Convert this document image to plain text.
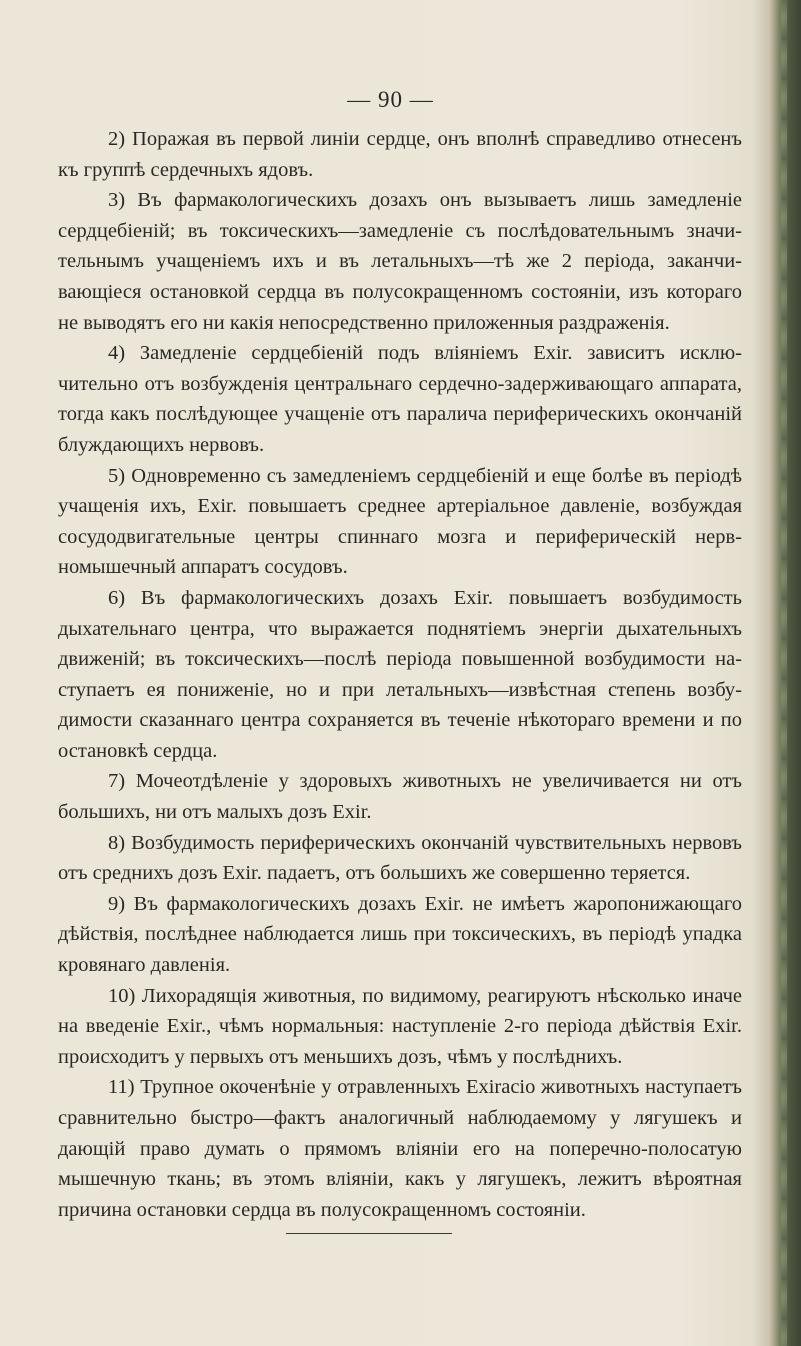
— 90 —

2) Поражая въ первой линіи сердце, онъ вполнѣ справедливо отнесенъ къ группѣ сердечныхъ ядовъ.

3) Въ фармакологическихъ дозахъ онъ вызываетъ лишь замедленіе сердцебіеній; въ токсическихъ—замедленіе съ послѣдовательнымъ значительнымъ учащеніемъ ихъ и въ летальныхъ—тѣ же 2 періода, заканчивающіеся остановкой сердца въ полусокращенномъ состояніи, изъ котораго не выводятъ его ни какія непосредственно приложенныя раздраженія.

4) Замедленіе сердцебіеній подъ вліяніемъ Exіr. зависитъ исключительно отъ возбужденія центральнаго сердечно-задерживающаго аппарата, тогда какъ послѣдующее учащеніе отъ паралича периферическихъ окончаній блуждающихъ нервовъ.

5) Одновременно съ замедленіемъ сердцебіеній и еще болѣе въ періодѣ учащенія ихъ, Exіr. повышаетъ среднее артеріальное давленіе, возбуждая сосудодвигательные центры спиннаго мозга и периферическій нервномышечный аппаратъ сосудовъ.

6) Въ фармакологическихъ дозахъ Exіr. повышаетъ возбудимость дыхательнаго центра, что выражается поднятіемъ энергіи дыхательныхъ движеній; въ токсическихъ—послѣ періода повышенной возбудимости наступаетъ ея пониженіе, но и при летальныхъ—извѣстная степень возбудимости сказаннаго центра сохраняется въ теченіе нѣкотораго времени и по остановкѣ сердца.

7) Мочеотдѣленіе у здоровыхъ животныхъ не увеличивается ни отъ большихъ, ни отъ малыхъ дозъ Exіr.

8) Возбудимость периферическихъ окончаній чувствительныхъ нервовъ отъ среднихъ дозъ Exіr. падаетъ, отъ большихъ же совершенно теряется.

9) Въ фармакологическихъ дозахъ Exіr. не имѣетъ жаропонижающаго дѣйствія, послѣднее наблюдается лишь при токсическихъ, въ періодѣ упадка кровянаго давленія.

10) Лихорадящія животныя, по видимому, реагируютъ нѣсколько иначе на введеніе Exіr., чѣмъ нормальныя: наступленіе 2-го періода дѣйствія Exіr. происходитъ у первыхъ отъ меньшихъ дозъ, чѣмъ у послѣднихъ.

11) Трупное окоченѣніе у отравленныхъ Exіracіo животныхъ наступаетъ сравнительно быстро—фактъ аналогичный наблюдаемому у лягушекъ и дающій право думать о прямомъ вліяніи его на поперечно-полосатую мышечную ткань; въ этомъ вліяніи, какъ у лягушекъ, лежитъ вѣроятная причина остановки сердца въ полусокращенномъ состояніи.
